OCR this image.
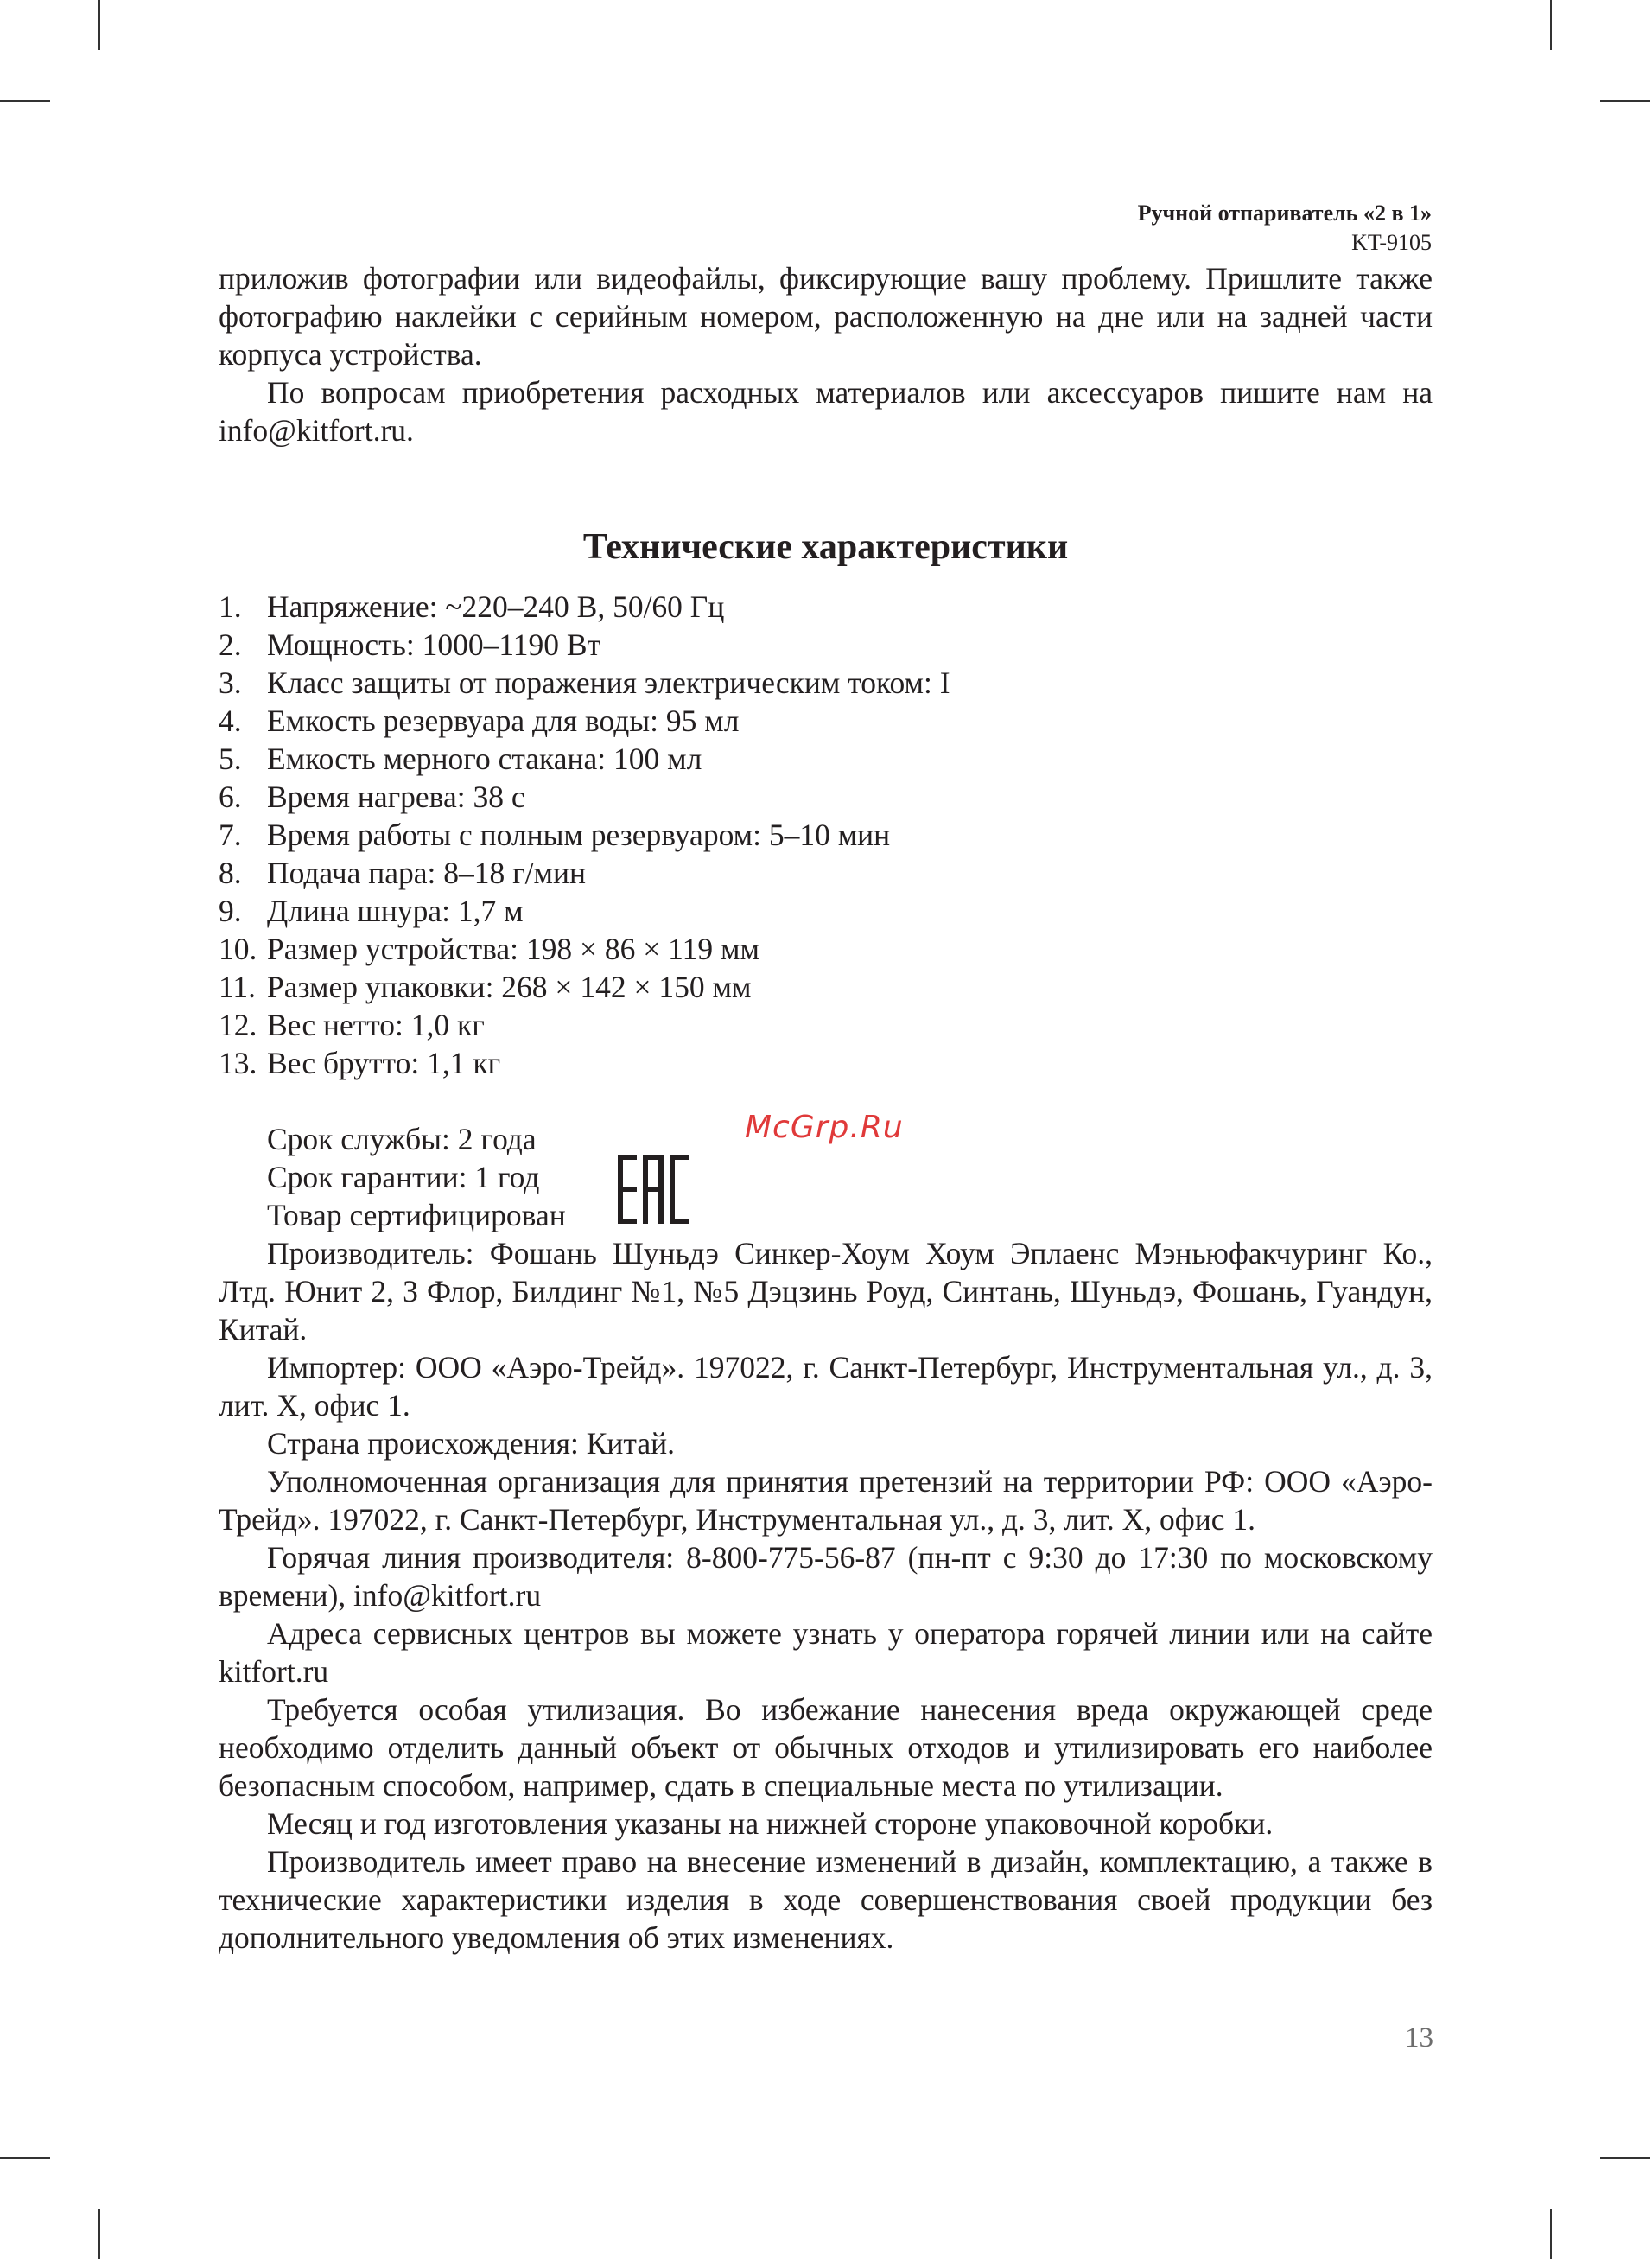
Ручной отпариватель «2 в 1»
KT-9105

приложив фотографии или видеофайлы, фиксирующие вашу проблему. Пришлите также фотографию наклейки с серийным номером, расположенную на дне или на задней части корпуса устройства.

По вопросам приобретения расходных материалов или аксессуаров пишите нам на info@kitfort.ru.

Технические характеристики
1. Напряжение: ~220–240 В, 50/60 Гц
2. Мощность: 1000–1190 Вт
3. Класс защиты от поражения электрическим током: I
4. Емкость резервуара для воды: 95 мл
5. Емкость мерного стакана: 100 мл
6. Время нагрева: 38 с
7. Время работы с полным резервуаром: 5–10 мин
8. Подача пара: 8–18 г/мин
9. Длина шнура: 1,7 м
10. Размер устройства: 198 × 86 × 119 мм
11. Размер упаковки: 268 × 142 × 150 мм
12. Вес нетто: 1,0 кг
13. Вес брутто: 1,1 кг

Срок службы: 2 года

Срок гарантии: 1 год

Товар сертифицирован

Производитель: Фошань Шуньдэ Синкер-Хоум Хоум Эплаенс Мэньюфакчуринг Ко., Лтд. Юнит 2, 3 Флор, Билдинг №1, №5 Дэцзинь Роуд, Синтань, Шуньдэ, Фошань, Гуандун, Китай.

Импортер: ООО «Аэро-Трейд». 197022, г. Санкт-Петербург, Инструментальная ул., д. 3, лит. Х, офис 1.

Страна происхождения: Китай.

Уполномоченная организация для принятия претензий на территории РФ: ООО «Аэро-Трейд». 197022, г. Санкт-Петербург, Инструментальная ул., д. 3, лит. Х, офис 1.

Горячая линия производителя: 8-800-775-56-87 (пн-пт с 9:30 до 17:30 по московскому времени), info@kitfort.ru

Адреса сервисных центров вы можете узнать у оператора горячей линии или на сайте kitfort.ru

Требуется особая утилизация. Во избежание нанесения вреда окружающей среде необходимо отделить данный объект от обычных отходов и утилизировать его наиболее безопасным способом, например, сдать в специальные места по утилизации.

Месяц и год изготовления указаны на нижней стороне упаковочной коробки.

Производитель имеет право на внесение изменений в дизайн, комплектацию, а также в технические характеристики изделия в ходе совершенствования своей продукции без дополнительного уведомления об этих изменениях.

McGrp.Ru
13
